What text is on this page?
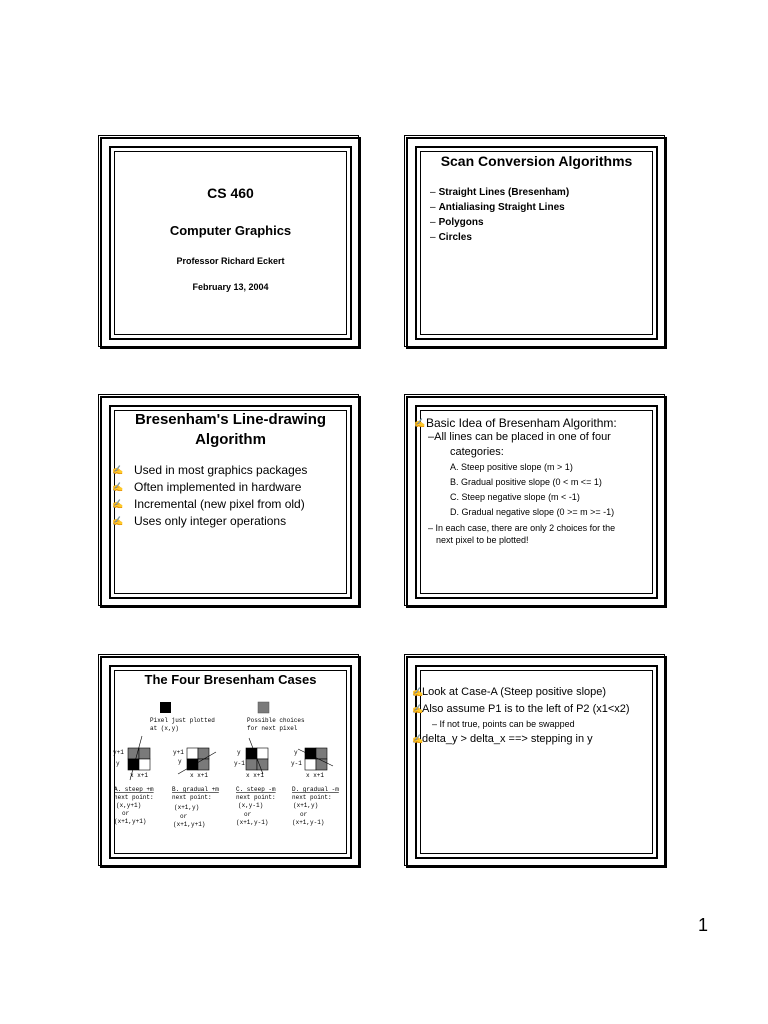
CS 460
Computer Graphics
Professor Richard Eckert
February 13, 2004
Scan Conversion Algorithms
– Straight Lines (Bresenham)
– Antialiasing Straight Lines
– Polygons
– Circles
Bresenham's Line-drawing
Algorithm
✍ Used in most graphics packages
✍ Often implemented in hardware
✍ Incremental (new pixel from old)
✍ Uses only integer operations
✍ Basic Idea of Bresenham Algorithm:
–All lines can be placed in one of four
categories:
A. Steep positive slope (m > 1)
B. Gradual positive slope (0 < m <= 1)
C. Steep negative slope (m < -1)
D. Gradual negative slope (0 >= m >= -1)
– In each case, there are only 2 choices for the
next pixel to be plotted!
The Four Bresenham Cases
Pixel just plotted
at (x,y)
Possible choices
for next pixel
y+1
y
x x+1
y+1
y
x x+1
y
y-1
x x+1
y
y-1
x x+1
A. steep +m
next point:
(x,y+1)
or
(x+1,y+1)
B. gradual +m
next point:
(x+1,y)
or
(x+1,y+1)
C. steep -m
next point:
(x,y-1)
or
(x+1,y-1)
D. gradual -m
next point:
(x+1,y)
or
(x+1,y-1)
✍
Look at Case-A (Steep positive slope)
✍
Also assume P1 is to the left of P2 (x1<x2)
– If not true, points can be swapped
✍
delta_y > delta_x ==> stepping in y
1
